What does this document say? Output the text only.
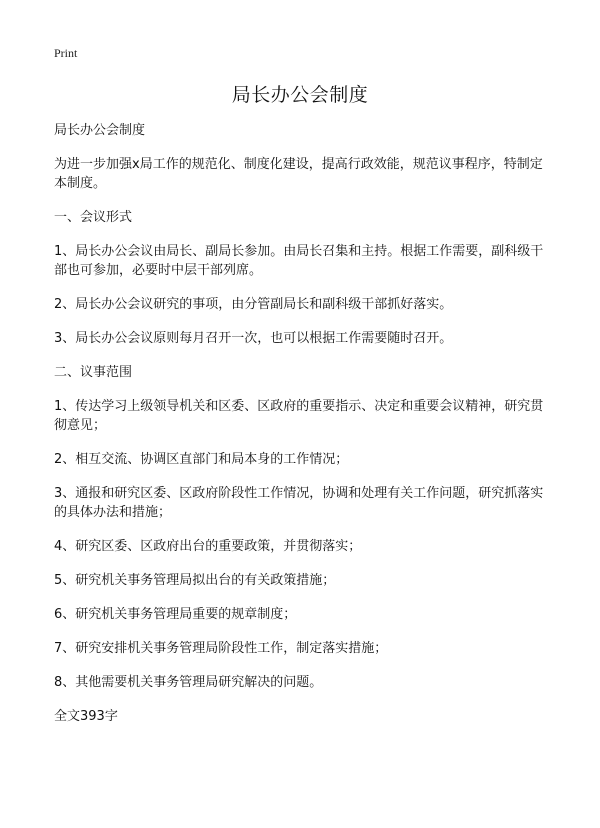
Print

局长办公会制度

局长办公会制度

为进一步加强x局工作的规范化、制度化建设，提高行政效能，规范议事程序，特制定本制度。

一、会议形式

1、局长办公会议由局长、副局长参加。由局长召集和主持。根据工作需要，副科级干部也可参加，必要时中层干部列席。

2、局长办公会议研究的事项，由分管副局长和副科级干部抓好落实。

3、局长办公会议原则每月召开一次，也可以根据工作需要随时召开。

二、议事范围

1、传达学习上级领导机关和区委、区政府的重要指示、决定和重要会议精神，研究贯彻意见；

2、相互交流、协调区直部门和局本身的工作情况；

3、通报和研究区委、区政府阶段性工作情况，协调和处理有关工作问题，研究抓落实的具体办法和措施；

4、研究区委、区政府出台的重要政策，并贯彻落实；

5、研究机关事务管理局拟出台的有关政策措施；

6、研究机关事务管理局重要的规章制度；

7、研究安排机关事务管理局阶段性工作，制定落实措施；

8、其他需要机关事务管理局研究解决的问题。

全文393字
